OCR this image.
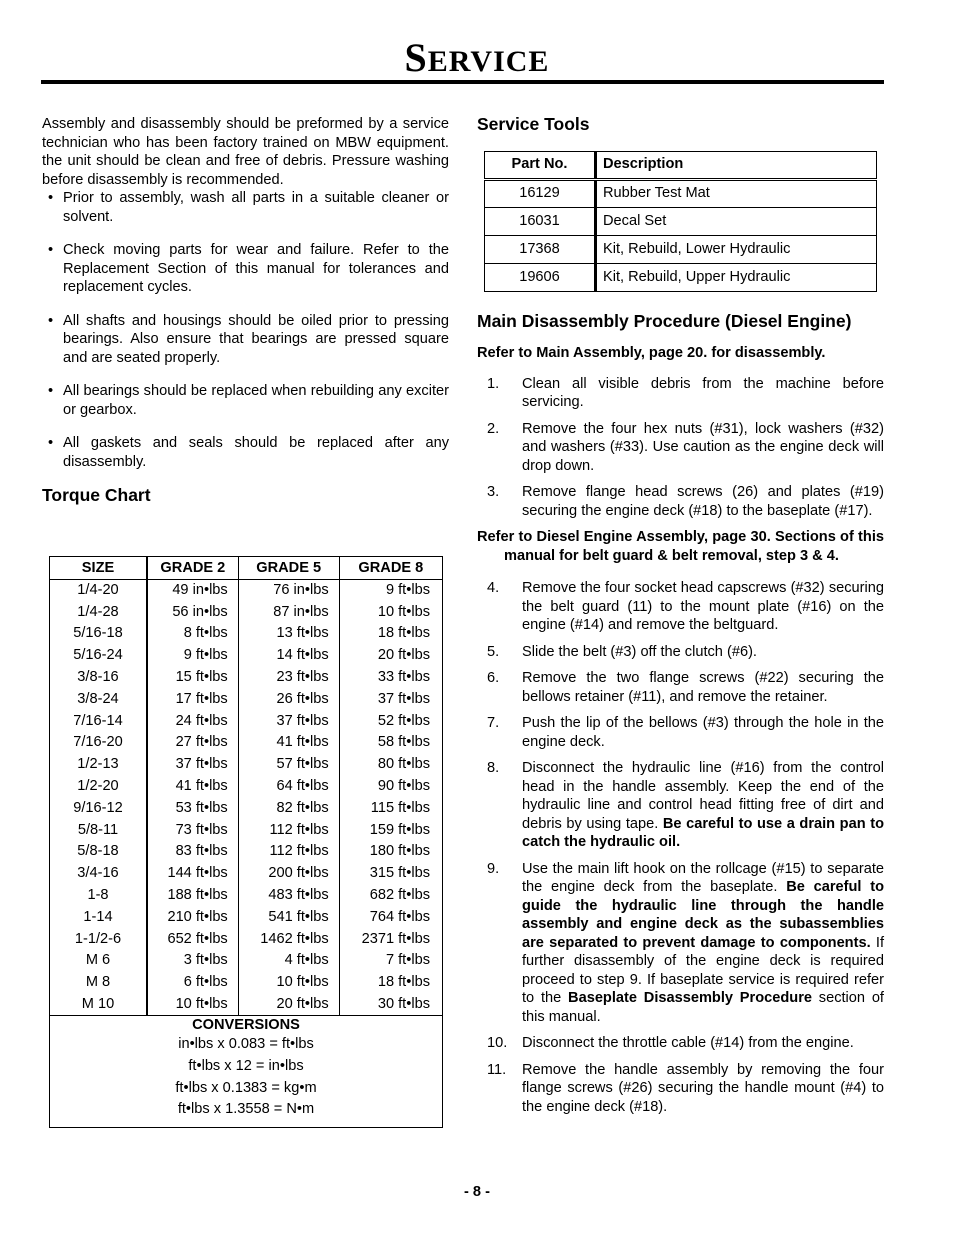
SERVICE

Assembly and disassembly should be preformed by a service technician who has been factory trained on MBW equipment. the unit should be clean and free of debris. Pressure washing before disassembly is recommended.

• Prior to assembly, wash all parts in a suitable cleaner or solvent.
• Check moving parts for wear and failure. Refer to the Replacement Section of this manual for tolerances and replacement cycles.
• All shafts and housings should be oiled prior to pressing bearings. Also ensure that bearings are pressed square and are seated properly.
• All bearings should be replaced when rebuilding any exciter or gearbox.
• All gaskets and seals should be replaced after any disassembly.
Torque Chart
SIZE	GRADE 2	GRADE 5	GRADE 8
1/4-20	49 in•lbs	76 in•lbs	9 ft•lbs
1/4-28	56 in•lbs	87 in•lbs	10 ft•lbs
5/16-18	8 ft•lbs	13 ft•lbs	18 ft•lbs
5/16-24	9 ft•lbs	14 ft•lbs	20 ft•lbs
3/8-16	15 ft•lbs	23 ft•lbs	33 ft•lbs
3/8-24	17 ft•lbs	26 ft•lbs	37 ft•lbs
7/16-14	24 ft•lbs	37 ft•lbs	52 ft•lbs
7/16-20	27 ft•lbs	41 ft•lbs	58 ft•lbs
1/2-13	37 ft•lbs	57 ft•lbs	80 ft•lbs
1/2-20	41 ft•lbs	64 ft•lbs	90 ft•lbs
9/16-12	53 ft•lbs	82 ft•lbs	115 ft•lbs
5/8-11	73 ft•lbs	112 ft•lbs	159 ft•lbs
5/8-18	83 ft•lbs	112 ft•lbs	180 ft•lbs
3/4-16	144 ft•lbs	200 ft•lbs	315 ft•lbs
1-8	188 ft•lbs	483 ft•lbs	682 ft•lbs
1-14	210 ft•lbs	541 ft•lbs	764 ft•lbs
1-1/2-6	652 ft•lbs	1462 ft•lbs	2371 ft•lbs
M 6	3 ft•lbs	4 ft•lbs	7 ft•lbs
M 8	6 ft•lbs	10 ft•lbs	18 ft•lbs
M 10	10 ft•lbs	20 ft•lbs	30 ft•lbs
CONVERSIONS
in•lbs x 0.083 = ft•lbs
ft•lbs x 12 = in•lbs
ft•lbs x 0.1383 = kg•m
ft•lbs x 1.3558 = N•m
Service Tools
Part No.	Description
16129	Rubber Test Mat
16031	Decal Set
17368	Kit, Rebuild, Lower Hydraulic
19606	Kit, Rebuild, Upper Hydraulic
Main Disassembly Procedure (Diesel Engine)

Refer to Main Assembly, page 20. for disassembly.

1. Clean all visible debris from the machine before servicing.
2. Remove the four hex nuts (#31), lock washers (#32) and washers (#33). Use caution as the engine deck will drop down.
3. Remove flange head screws (26) and plates (#19) securing the engine deck (#18) to the baseplate (#17).

Refer to Diesel Engine Assembly, page 30. Sections of this manual for belt guard & belt removal, step 3 & 4.

4. Remove the four socket head capscrews (#32) securing the belt guard (11) to the mount plate (#16) on the engine (#14) and remove the beltguard.
5. Slide the belt (#3) off the clutch (#6).
6. Remove the two flange screws (#22) securing the bellows retainer (#11), and remove the retainer.
7. Push the lip of the bellows (#3) through the hole in the engine deck.
8. Disconnect the hydraulic line (#16) from the control head in the handle assembly. Keep the end of the hydraulic line and control head fitting free of dirt and debris by using tape. Be careful to use a drain pan to catch the hydraulic oil.
9. Use the main lift hook on the rollcage (#15) to separate the engine deck from the baseplate. Be careful to guide the hydraulic line through the handle assembly and engine deck as the subassemblies are separated to prevent damage to components. If further disassembly of the engine deck is required proceed to step 9. If baseplate service is required refer to the Baseplate Disassembly Procedure section of this manual.
10. Disconnect the throttle cable (#14) from the engine.
11. Remove the handle assembly by removing the four flange screws (#26) securing the handle mount (#4) to the engine deck (#18).
- 8 -
